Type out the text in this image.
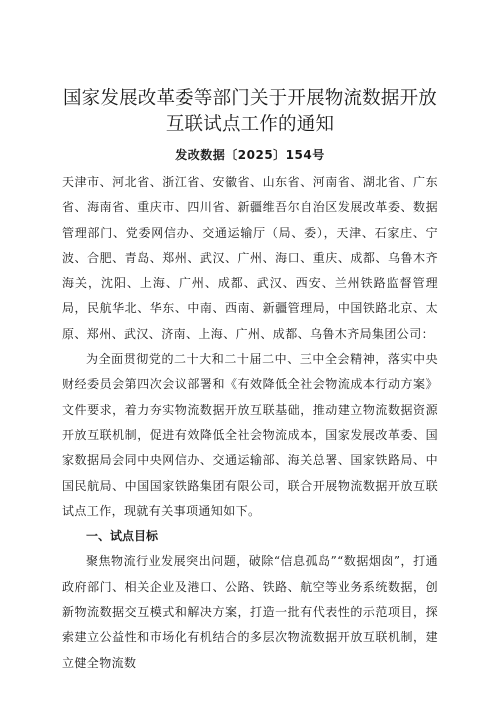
国家发展改革委等部门关于开展物流数据开放
互联试点工作的通知
发改数据〔2025〕154号

天津市、河北省、浙江省、安徽省、山东省、河南省、湖北省、广东省、海南省、重庆市、四川省、新疆维吾尔自治区发展改革委、数据管理部门、党委网信办、交通运输厅（局、委），天津、石家庄、宁波、合肥、青岛、郑州、武汉、广州、海口、重庆、成都、乌鲁木齐海关，沈阳、上海、广州、成都、武汉、西安、兰州铁路监督管理局，民航华北、华东、中南、西南、新疆管理局，中国铁路北京、太原、郑州、武汉、济南、上海、广州、成都、乌鲁木齐局集团公司：

为全面贯彻党的二十大和二十届二中、三中全会精神，落实中央财经委员会第四次会议部署和《有效降低全社会物流成本行动方案》文件要求，着力夯实物流数据开放互联基础，推动建立物流数据资源开放互联机制，促进有效降低全社会物流成本，国家发展改革委、国家数据局会同中央网信办、交通运输部、海关总署、国家铁路局、中国民航局、中国国家铁路集团有限公司，联合开展物流数据开放互联试点工作，现就有关事项通知如下。

一、试点目标

聚焦物流行业发展突出问题，破除“信息孤岛”“数据烟囱”，打通政府部门、相关企业及港口、公路、铁路、航空等业务系统数据，创新物流数据交互模式和解决方案，打造一批有代表性的示范项目，探索建立公益性和市场化有机结合的多层次物流数据开放互联机制，建立健全物流数
